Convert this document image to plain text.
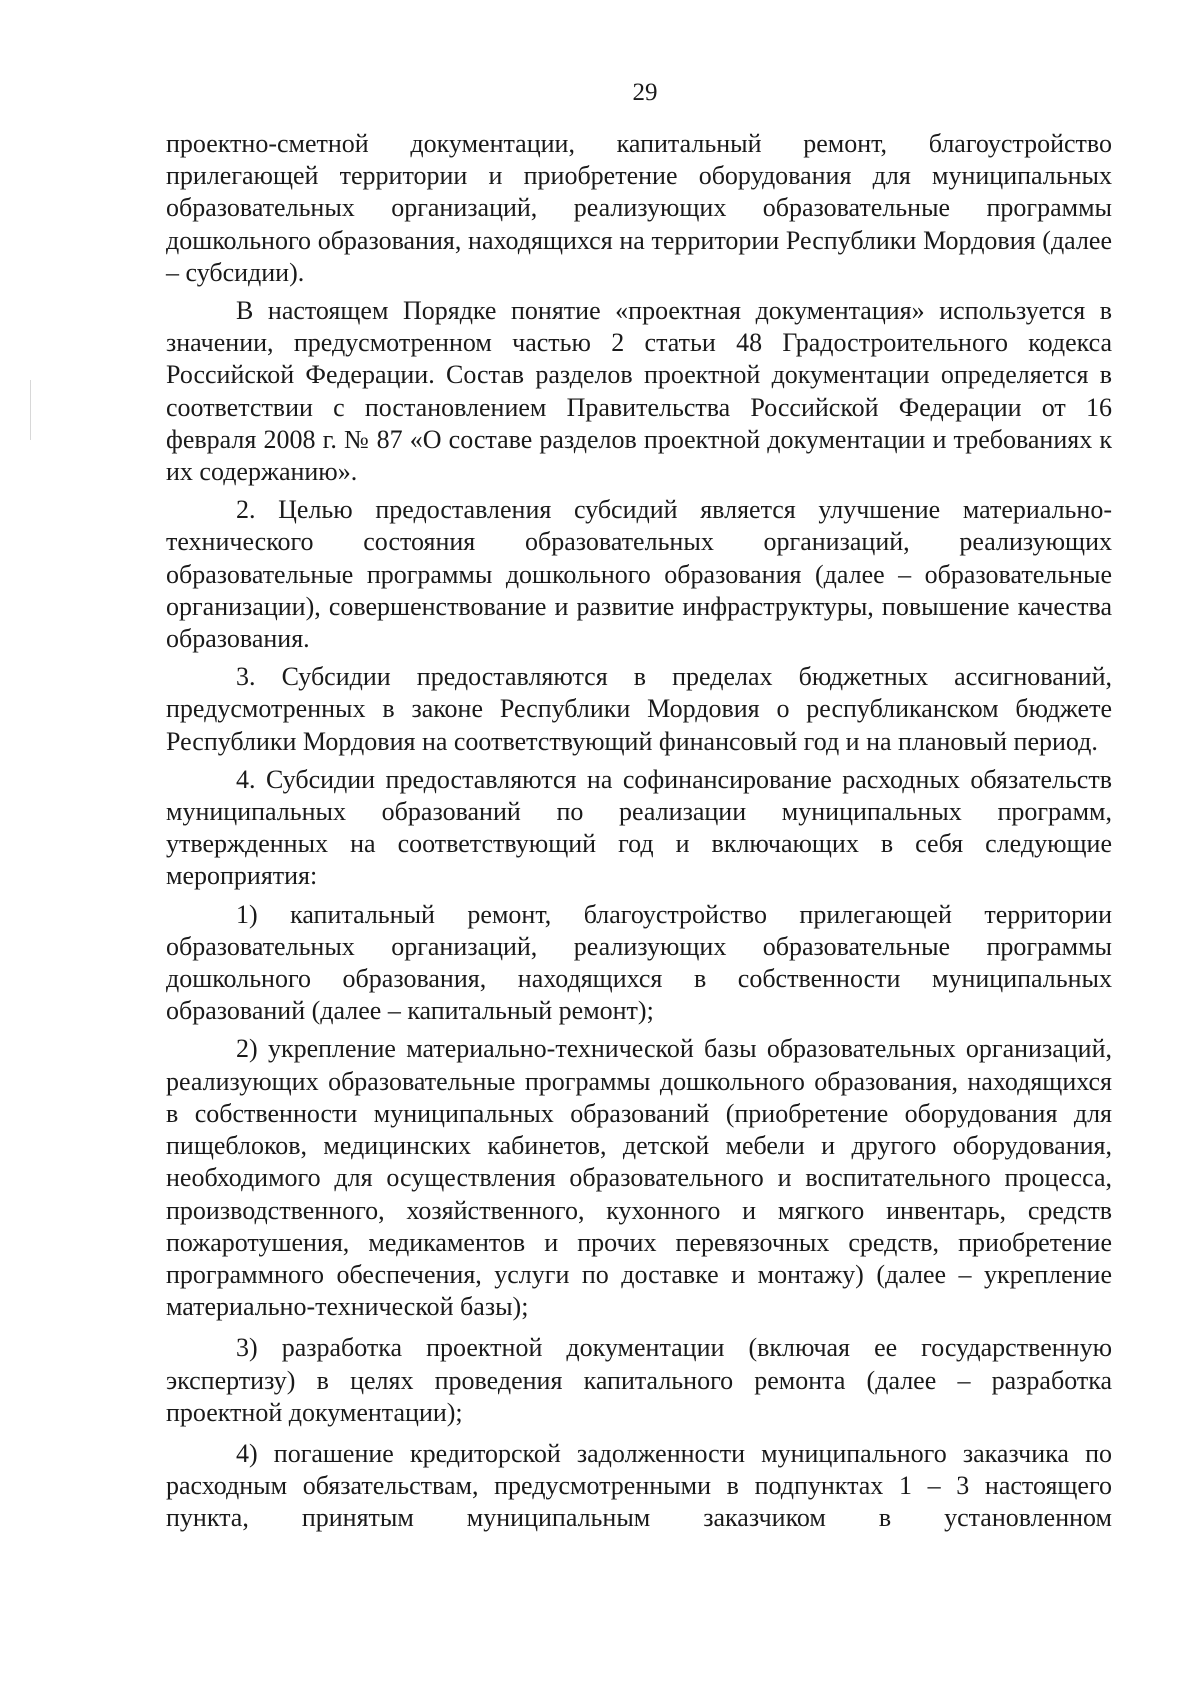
29

проектно-сметной документации, капитальный ремонт, благоустройство прилегающей территории и приобретение оборудования для муниципальных образовательных организаций, реализующих образовательные программы дошкольного образования, находящихся на территории Республики Мордовия (далее – субсидии).

В настоящем Порядке понятие «проектная документация» используется в значении, предусмотренном частью 2 статьи 48 Градостроительного кодекса Российской Федерации. Состав разделов проектной документации определяется в соответствии с постановлением Правительства Российской Федерации от 16 февраля 2008 г. № 87 «О составе разделов проектной документации и требованиях к их содержанию».

2. Целью предоставления субсидий является улучшение материально-технического состояния образовательных организаций, реализующих образовательные программы дошкольного образования (далее – образовательные организации), совершенствование и развитие инфраструктуры, повышение качества образования.

3. Субсидии предоставляются в пределах бюджетных ассигнований, предусмотренных в законе Республики Мордовия о республиканском бюджете Республики Мордовия на соответствующий финансовый год и на плановый период.

4. Субсидии предоставляются на софинансирование расходных обязательств муниципальных образований по реализации муниципальных программ, утвержденных на соответствующий год и включающих в себя следующие мероприятия:

1) капитальный ремонт, благоустройство прилегающей территории образовательных организаций, реализующих образовательные программы дошкольного образования, находящихся в собственности муниципальных образований (далее – капитальный ремонт);

2) укрепление материально-технической базы образовательных организаций, реализующих образовательные программы дошкольного образования, находящихся в собственности муниципальных образований (приобретение оборудования для пищеблоков, медицинских кабинетов, детской мебели и другого оборудования, необходимого для осуществления образовательного и воспитательного процесса, производственного, хозяйственного, кухонного и мягкого инвентарь, средств пожаротушения, медикаментов и прочих перевязочных средств, приобретение программного обеспечения, услуги по доставке и монтажу) (далее – укрепление материально-технической базы);

3) разработка проектной документации (включая ее государственную экспертизу) в целях проведения капитального ремонта (далее – разработка проектной документации);

4) погашение кредиторской задолженности муниципального заказчика по расходным обязательствам, предусмотренными в подпунктах 1 – 3 настоящего пункта, принятым муниципальным заказчиком в установленном
